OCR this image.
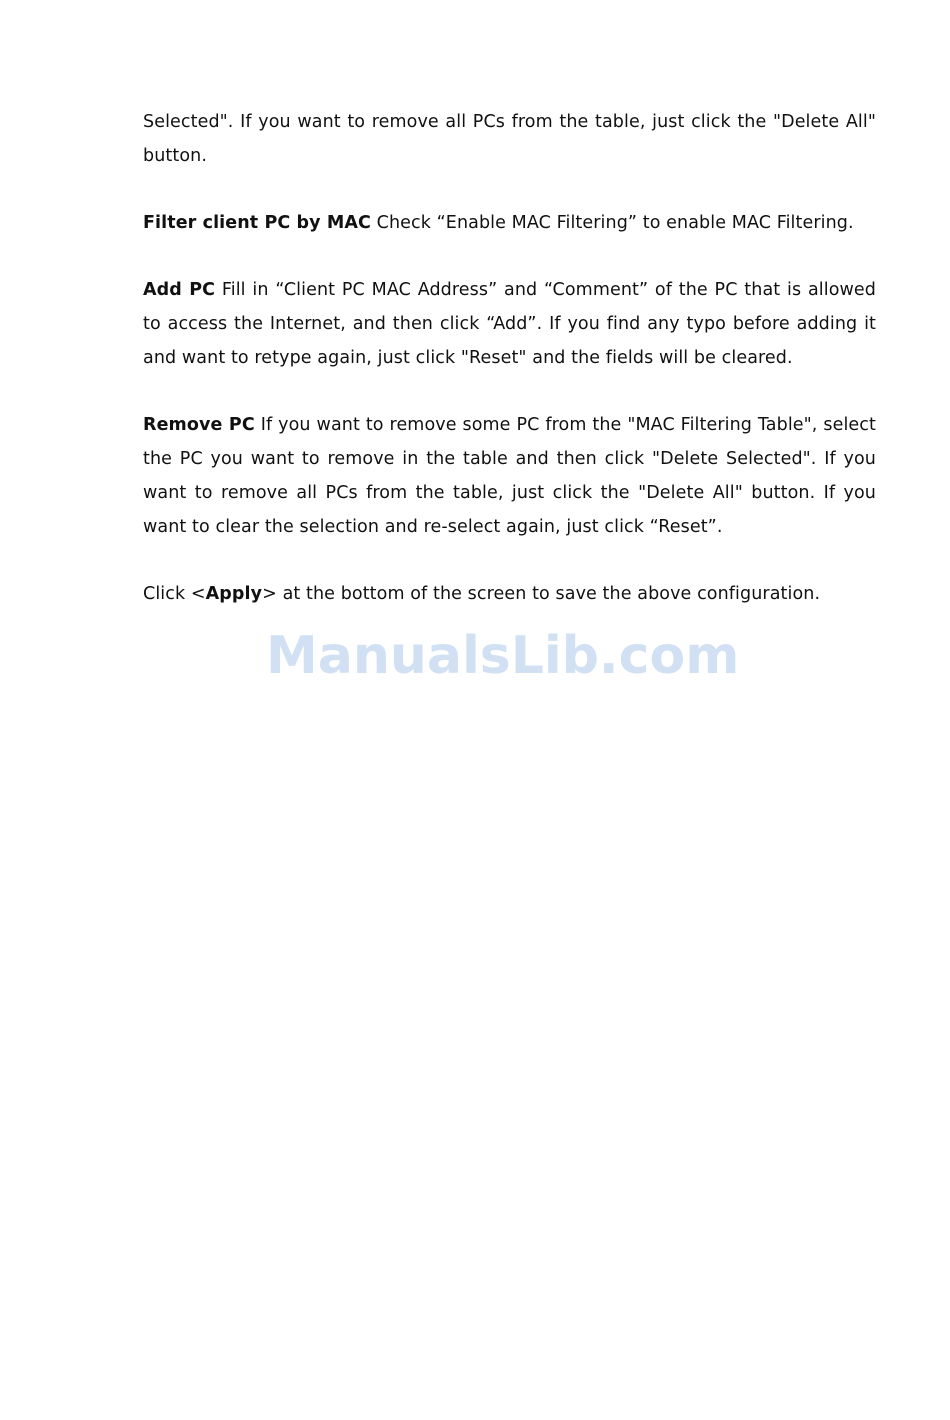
Selected". If you want to remove all PCs from the table, just click the "Delete All" button.

Filter client PC by MAC Check “Enable MAC Filtering” to enable MAC Filtering.

Add PC Fill in “Client PC MAC Address” and “Comment” of the PC that is allowed to access the Internet, and then click “Add”. If you find any typo before adding it and want to retype again, just click "Reset" and the fields will be cleared.

Remove PC If you want to remove some PC from the "MAC Filtering Table", select the PC you want to remove in the table and then click "Delete Selected". If you want to remove all PCs from the table, just click the "Delete All" button. If you want to clear the selection and re-select again, just click “Reset”.

Click <Apply> at the bottom of the screen to save the above configuration.

ManualsLib.com
